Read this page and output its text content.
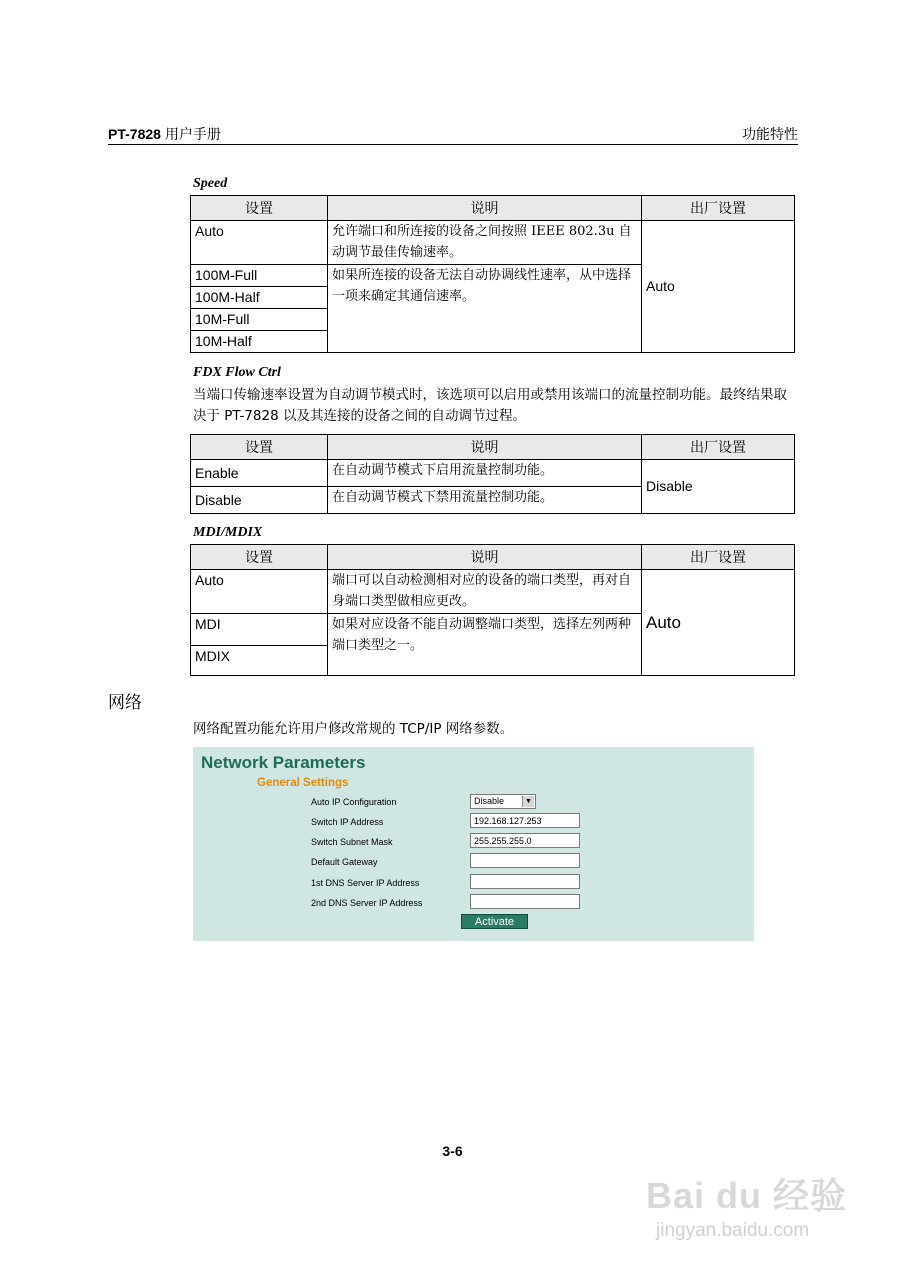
PT-7828 用户手册	功能特性
Speed
设置	说明	出厂设置
Auto	允许端口和所连接的设备之间按照 IEEE 802.3u 自动调节最佳传输速率。	Auto
100M-Full	如果所连接的设备无法自动协调线性速率，从中选择一项来确定其通信速率。	
100M-Half		
10M-Full		
10M-Half		
FDX Flow Ctrl
当端口传输速率设置为自动调节模式时，该选项可以启用或禁用该端口的流量控制功能。最终结果取决于 PT-7828 以及其连接的设备之间的自动调节过程。
设置	说明	出厂设置
Enable	在自动调节模式下启用流量控制功能。	Disable
Disable	在自动调节模式下禁用流量控制功能。	
MDI/MDIX
设置	说明	出厂设置
Auto	端口可以自动检测相对应的设备的端口类型，再对自身端口类型做相应更改。	Auto
MDI	如果对应设备不能自动调整端口类型，选择左列两种端口类型之一。	
MDIX		
网络
网络配置功能允许用户修改常规的 TCP/IP 网络参数。
Network Parameters
General Settings
Auto IP Configuration	Disable	▼
Switch IP Address	192.168.127.253
Switch Subnet Mask	255.255.255.0
Default Gateway
1st DNS Server IP Address
2nd DNS Server IP Address
Activate
3-6
Bai du 经验
jingyan.baidu.com
